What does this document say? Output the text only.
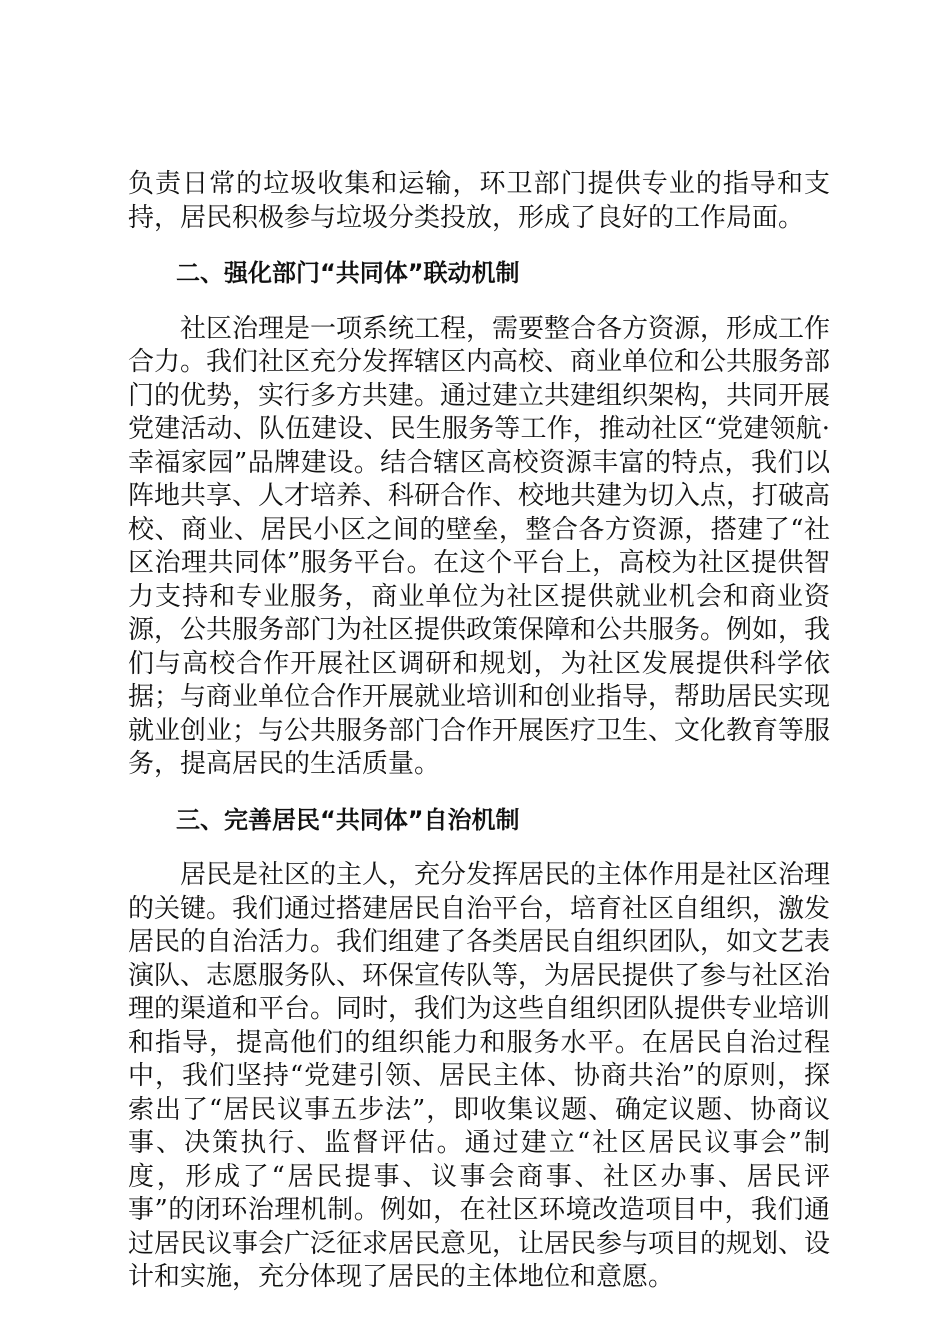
负责日常的垃圾收集和运输，环卫部门提供专业的指导和支持，居民积极参与垃圾分类投放，形成了良好的工作局面。

二、强化部门“共同体”联动机制

社区治理是一项系统工程，需要整合各方资源，形成工作合力。我们社区充分发挥辖区内高校、商业单位和公共服务部门的优势，实行多方共建。通过建立共建组织架构，共同开展党建活动、队伍建设、民生服务等工作，推动社区“党建领航·幸福家园”品牌建设。结合辖区高校资源丰富的特点，我们以阵地共享、人才培养、科研合作、校地共建为切入点，打破高校、商业、居民小区之间的壁垒，整合各方资源，搭建了“社区治理共同体”服务平台。在这个平台上，高校为社区提供智力支持和专业服务，商业单位为社区提供就业机会和商业资源，公共服务部门为社区提供政策保障和公共服务。例如，我们与高校合作开展社区调研和规划，为社区发展提供科学依据；与商业单位合作开展就业培训和创业指导，帮助居民实现就业创业；与公共服务部门合作开展医疗卫生、文化教育等服务，提高居民的生活质量。

三、完善居民“共同体”自治机制

居民是社区的主人，充分发挥居民的主体作用是社区治理的关键。我们通过搭建居民自治平台，培育社区自组织，激发居民的自治活力。我们组建了各类居民自组织团队，如文艺表演队、志愿服务队、环保宣传队等，为居民提供了参与社区治理的渠道和平台。同时，我们为这些自组织团队提供专业培训和指导，提高他们的组织能力和服务水平。在居民自治过程中，我们坚持“党建引领、居民主体、协商共治”的原则，探索出了“居民议事五步法”，即收集议题、确定议题、协商议事、决策执行、监督评估。通过建立“社区居民议事会”制度，形成了“居民提事、议事会商事、社区办事、居民评事”的闭环治理机制。例如，在社区环境改造项目中，我们通过居民议事会广泛征求居民意见，让居民参与项目的规划、设计和实施，充分体现了居民的主体地位和意愿。
